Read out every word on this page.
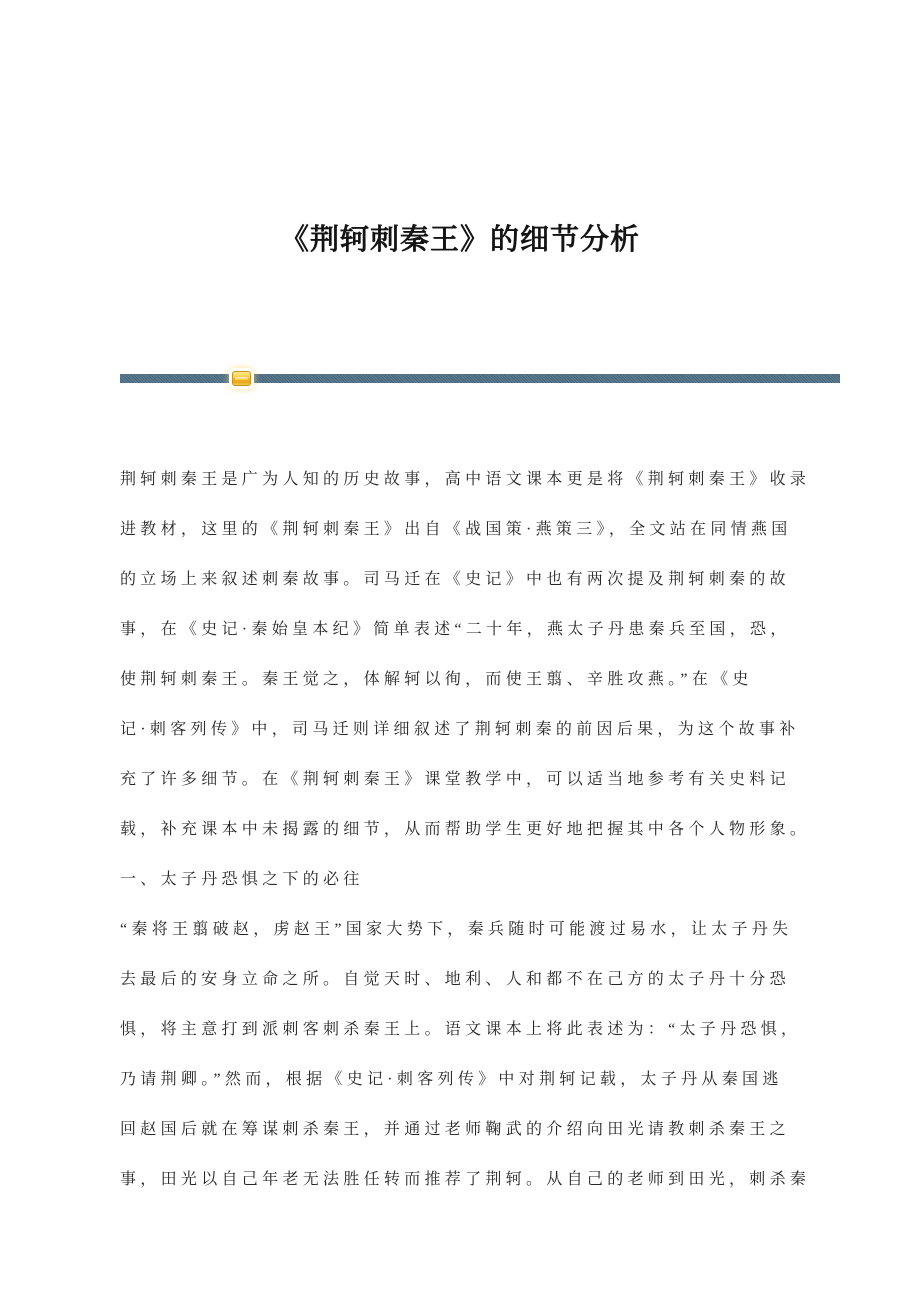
《荆轲刺秦王》的细节分析
荆轲刺秦王是广为人知的历史故事，高中语文课本更是将《荆轲刺秦王》收录
进教材，这里的《荆轲刺秦王》出自《战国策·燕策三》，全文站在同情燕国
的立场上来叙述刺秦故事。司马迁在《史记》中也有两次提及荆轲刺秦的故
事，在《史记·秦始皇本纪》简单表述“二十年，燕太子丹患秦兵至国，恐，
使荆轲刺秦王。秦王觉之，体解轲以徇，而使王翦、辛胜攻燕。”在《史
记·刺客列传》中，司马迁则详细叙述了荆轲刺秦的前因后果，为这个故事补
充了许多细节。在《荆轲刺秦王》课堂教学中，可以适当地参考有关史料记
载，补充课本中未揭露的细节，从而帮助学生更好地把握其中各个人物形象。
一、太子丹恐惧之下的必往
“秦将王翦破赵，虏赵王”国家大势下，秦兵随时可能渡过易水，让太子丹失
去最后的安身立命之所。自觉天时、地利、人和都不在己方的太子丹十分恐
惧，将主意打到派刺客刺杀秦王上。语文课本上将此表述为：“太子丹恐惧，
乃请荆卿。”然而，根据《史记·刺客列传》中对荆轲记载，太子丹从秦国逃
回赵国后就在筹谋刺杀秦王，并通过老师鞠武的介绍向田光请教刺杀秦王之
事，田光以自己年老无法胜任转而推荐了荆轲。从自己的老师到田光，刺杀秦
